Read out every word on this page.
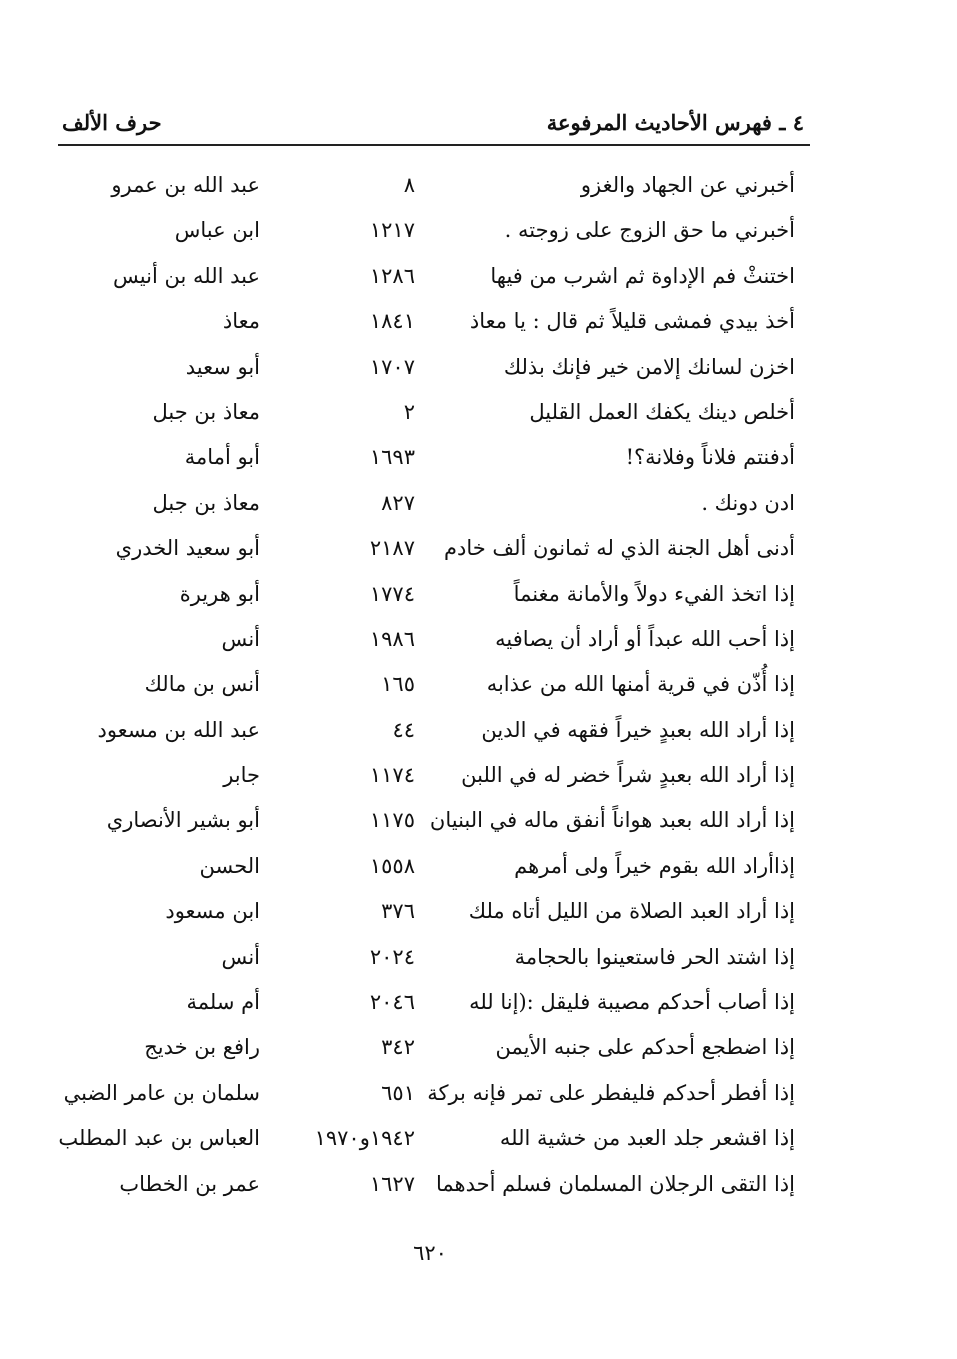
٤ ـ فهرس الأحاديث المرفوعة
حرف الألف
أخبرني عن الجهاد والغزو
٨
عبد الله بن عمرو
أخبرني ما حق الزوج على زوجته .
١٢١٧
ابن عباس
اختنثْ فم الإداوة ثم اشرب من فيها
١٢٨٦
عبد الله بن أنيس
أخذ بيدي فمشى قليلاً ثم قال : يا معاذ
١٨٤١
معاذ
اخزن لسانك إلامن خير فإنك بذلك
١٧٠٧
أبو سعيد
أخلص دينك يكفك العمل القليل
٢
معاذ بن جبل
أدفنتم فلاناً وفلانة؟!
١٦٩٣
أبو أمامة
ادن دونك .
٨٢٧
معاذ بن جبل
أدنى أهل الجنة الذي له ثمانون ألف خادم
٢١٨٧
أبو سعيد الخدري
إذا اتخذ الفيء دولاً والأمانة مغنماً
١٧٧٤
أبو هريرة
إذا أحب الله عبداً أو أراد أن يصافيه
١٩٨٦
أنس
إذا أُذّن في قرية أمنها الله من عذابه
١٦٥
أنس بن مالك
إذا أراد الله بعبدٍ خيراً فقهه في الدين
٤٤
عبد الله بن مسعود
إذا أراد الله بعبدٍ شراً خضر له في اللبن
١١٧٤
جابر
إذا أراد الله بعبد هواناً أنفق ماله في البنيان
١١٧٥
أبو بشير الأنصاري
إذاأراد الله بقوم خيراً ولى أمرهم
١٥٥٨
الحسن
إذا أراد العبد الصلاة من الليل أتاه ملك
٣٧٦
ابن مسعود
إذا اشتد الحر فاستعينوا بالحجامة
٢٠٢٤
أنس
إذا أصاب أحدكم مصيبة فليقل :(إنا لله
٢٠٤٦
أم سلمة
إذا اضطجع أحدكم على جنبه الأيمن
٣٤٢
رافع بن خديج
إذا أفطر أحدكم فليفطر على تمر فإنه بركة
٦٥١
سلمان بن عامر الضبي
إذا اقشعر جلد العبد من خشية الله
١٩٤٢و١٩٧٠
العباس بن عبد المطلب
إذا التقى الرجلان المسلمان فسلم أحدهما
١٦٢٧
عمر بن الخطاب
٦٢٠
